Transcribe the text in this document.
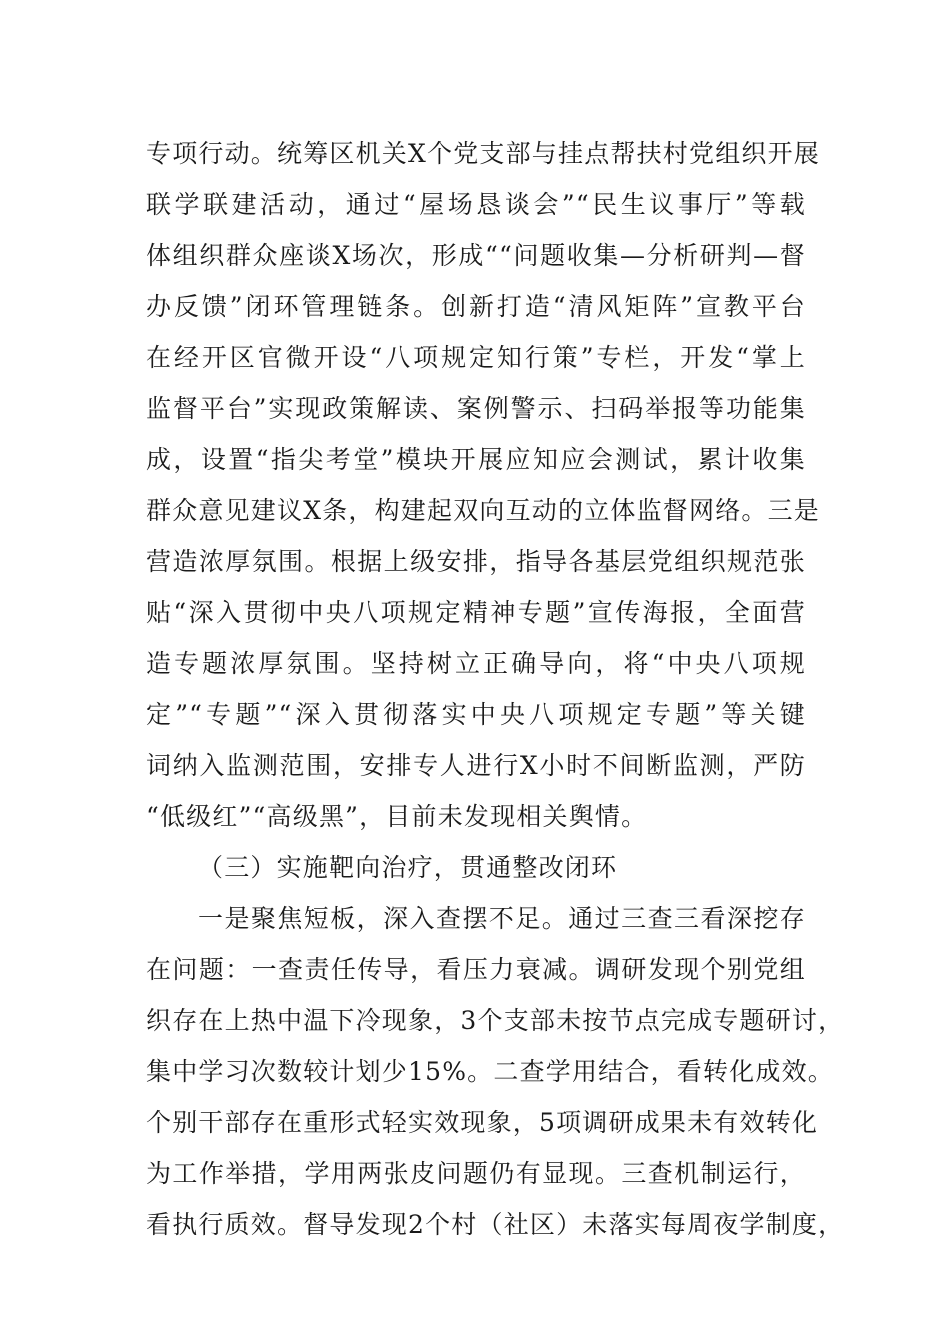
专项行动。统筹区机关X个党支部与挂点帮扶村党组织开展
联学联建活动，通过“屋场恳谈会”“民生议事厅”等载
体组织群众座谈X场次，形成““问题收集—分析研判—督
办反馈”闭环管理链条。创新打造“清风矩阵”宣教平台
在经开区官微开设“八项规定知行策”专栏，开发“掌上
监督平台”实现政策解读、案例警示、扫码举报等功能集
成，设置“指尖考堂”模块开展应知应会测试，累计收集
群众意见建议X条，构建起双向互动的立体监督网络。三是
营造浓厚氛围。根据上级安排，指导各基层党组织规范张
贴“深入贯彻中央八项规定精神专题”宣传海报，全面营
造专题浓厚氛围。坚持树立正确导向，将“中央八项规
定”“专题”“深入贯彻落实中央八项规定专题”等关键
词纳入监测范围，安排专人进行X小时不间断监测，严防
“低级红”“高级黑”，目前未发现相关舆情。
（三）实施靶向治疗，贯通整改闭环
一是聚焦短板，深入查摆不足。通过三查三看深挖存
在问题：一查责任传导，看压力衰减。调研发现个别党组
织存在上热中温下冷现象，3个支部未按节点完成专题研讨，
集中学习次数较计划少15%。二查学用结合，看转化成效。
个别干部存在重形式轻实效现象，5项调研成果未有效转化
为工作举措，学用两张皮问题仍有显现。三查机制运行，
看执行质效。督导发现2个村（社区）未落实每周夜学制度，
